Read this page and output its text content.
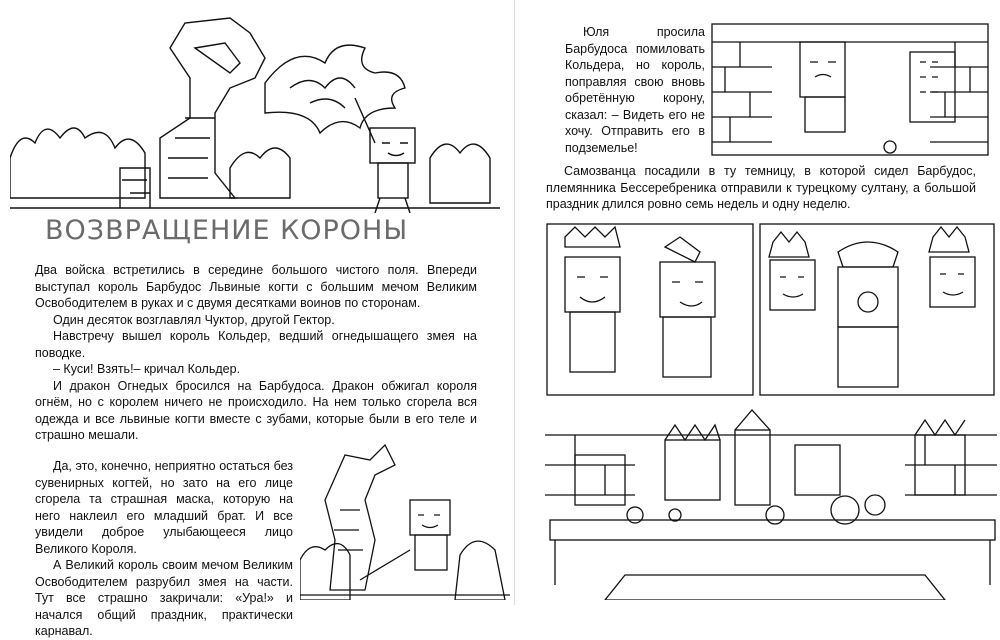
ВОЗВРАЩЕНИЕ КОРОНЫ

Два войска встретились в середине большого чистого поля. Впереди выступал король Барбудос Львиные когти с большим мечом Великим Освободителем в руках и с двумя десятками воинов по сторонам.

Один десяток возглавлял Чуктор, другой Гектор.

Навстречу вышел король Кольдер, ведший огнедышащего змея на поводке.

– Куси! Взять!– кричал Кольдер.

И дракон Огнедых бросился на Барбудоса. Дракон обжигал короля огнём, но с королем ничего не происходило. На нем только сгорела вся одежда и все львиные когти вместе с зубами, которые были в его теле и страшно мешали.

Да, это, конечно, неприятно остаться без сувенирных когтей, но зато на его лице сгорела та страшная маска, которую на него наклеил его младший брат. И все увидели доброе улыбающееся лицо Великого Короля.

А Великий король своим мечом Великим Освободителем разрубил змея на части. Тут все страшно закричали: «Ура!» и начался общий праздник, практически карнавал.

Юля просила Барбудоса помиловать Кольдера, но король, поправляя свою вновь обретённую корону, сказал: – Видеть его не хочу. Отправить его в подземелье!

Самозванца посадили в ту темницу, в которой сидел Барбудос, племянника Бессеребреника отправили к турецкому султану, а большой праздник длился ровно семь недель и одну неделю.
